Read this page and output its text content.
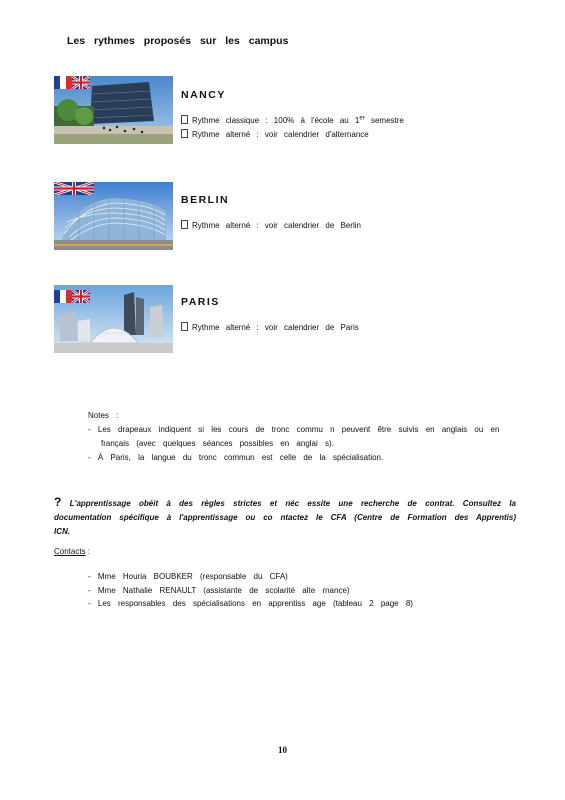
Les rythmes proposés sur les campus
NANCY
Rythme classique : 100% à l'école au 1er semestre
Rythme alterné : voir calendrier d'alternance
BERLIN
Rythme alterné : voir calendrier de Berlin
PARIS
Rythme alterné : voir calendrier de Paris
Notes :
- Les drapeaux indiquent si les cours de tronc commu n peuvent être suivis en anglais ou en
français (avec quelques séances possibles en anglai s).
- À Paris, la langue du tronc commun est celle de la spécialisation.
? L'apprentissage obéit à des règles strictes et néc essite une recherche de contrat. Consultez la documentation spécifique à l'apprentissage ou co ntactez le CFA (Centre de Formation des Apprentis) ICN.
Contacts :
- Mme Houria BOUBKER (responsable du CFA)
- Mme Nathalie RENAULT (assistante de scolarité alte rnance)
- Les responsables des spécialisations en apprentiss age (tableau 2 page 8)
10
